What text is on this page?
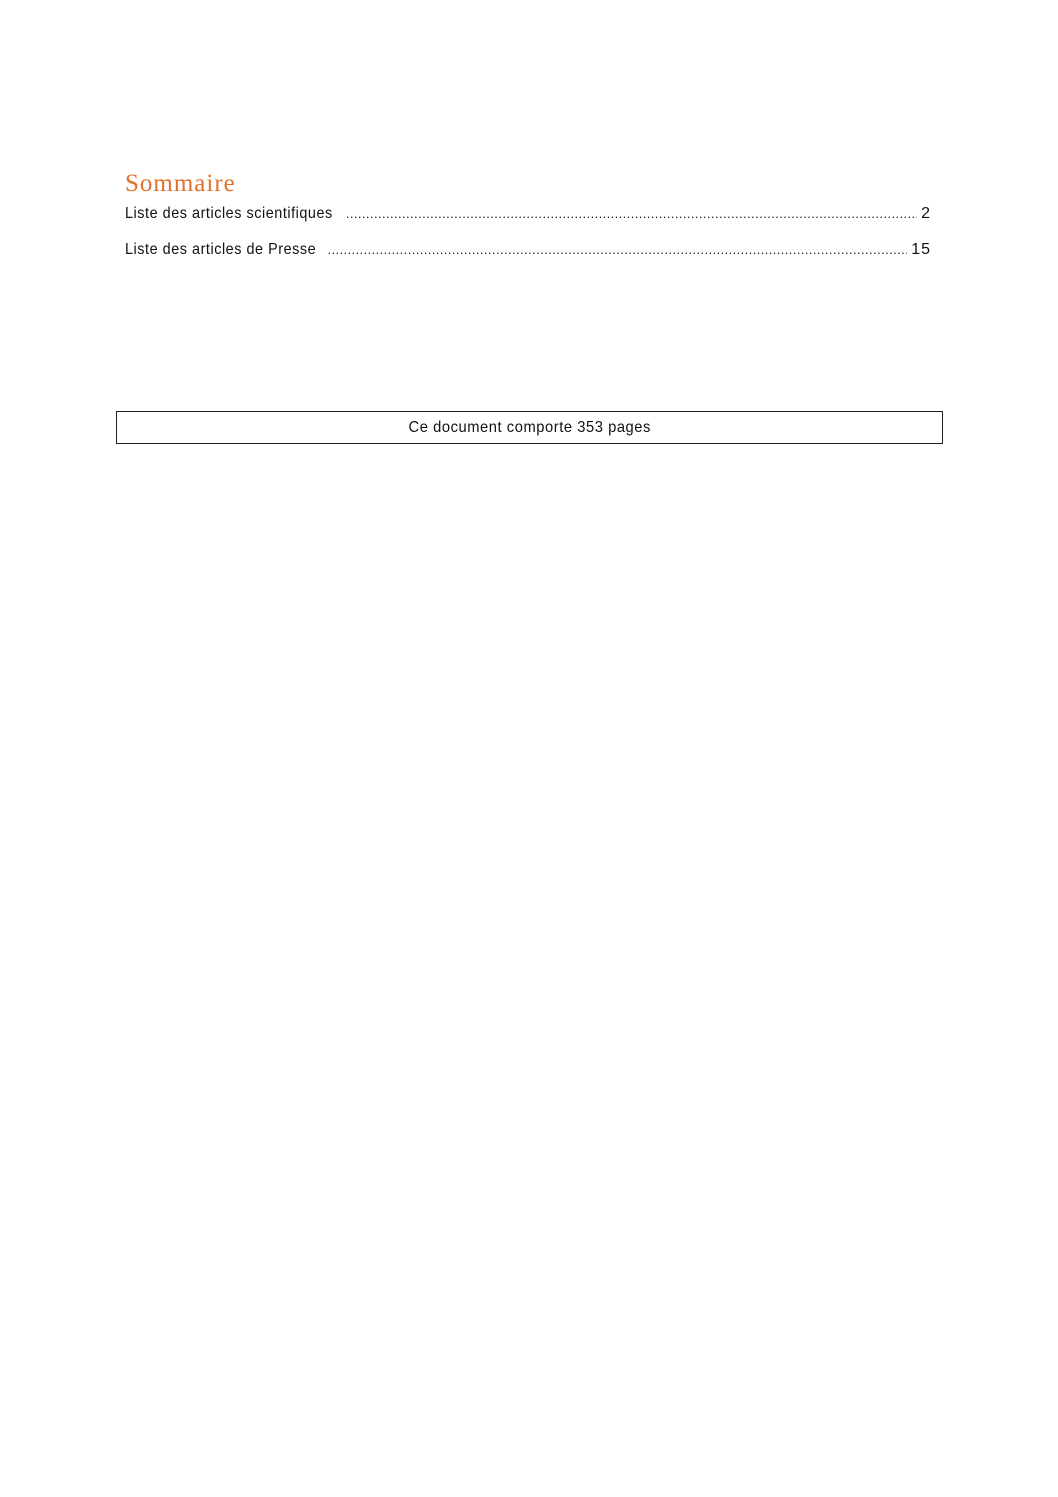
Sommaire
Liste des articles scientifiques .....	2
Liste des articles de Presse .....	15
Ce document comporte 353 pages
